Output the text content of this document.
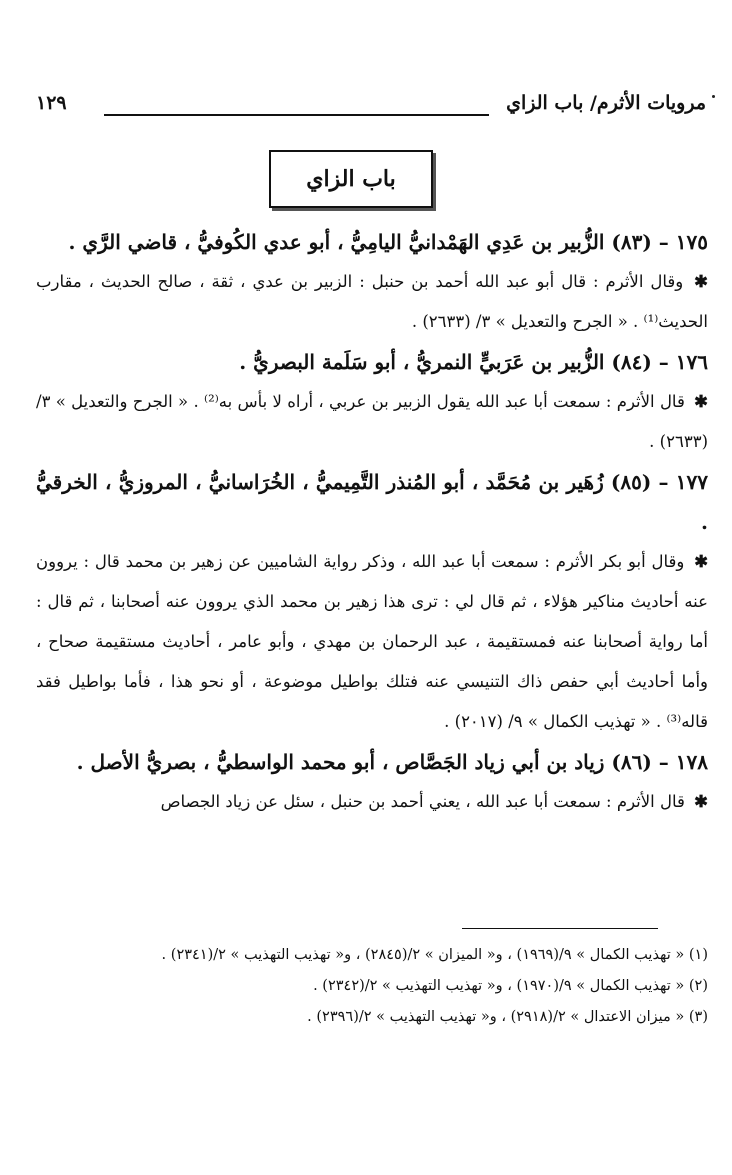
مرويات الأثرم/ باب الزاي
١٢٩
باب الزاي

١٧٥ – (٨٣) الزُّبير بن عَدِي الهَمْدانيُّ اليامِيُّ ، أبو عدي الكُوفيُّ ، قاضي الرَّي .

✱ وقال الأثرم : قال أبو عبد الله أحمد بن حنبل : الزبير بن عدي ، ثقة ، صالح الحديث ، مقارب الحديث⁽¹⁾ . « الجرح والتعديل » ٣/ (٢٦٣٣) .

١٧٦ – (٨٤) الزُّبير بن عَرَبيٍّ النمريُّ ، أبو سَلَمة البصريُّ .

✱ قال الأثرم : سمعت أبا عبد الله يقول الزبير بن عربي ، أراه لا بأس به⁽²⁾ . « الجرح والتعديل » ٣/ (٢٦٣٣) .

١٧٧ – (٨٥) زُهَير بن مُحَمَّد ، أبو المُنذر التَّمِيميُّ ، الخُرَاسانيُّ ، المروزيُّ ، الخرقيُّ .

✱ وقال أبو بكر الأثرم : سمعت أبا عبد الله ، وذكر رواية الشاميين عن زهير بن محمد قال : يروون عنه أحاديث مناكير هؤلاء ، ثم قال لي : ترى هذا زهير بن محمد الذي يروون عنه أصحابنا ، ثم قال : أما رواية أصحابنا عنه فمستقيمة ، عبد الرحمان بن مهدي ، وأبو عامر ، أحاديث مستقيمة صحاح ، وأما أحاديث أبي حفص ذاك التنيسي عنه فتلك بواطيل موضوعة ، أو نحو هذا ، فأما بواطيل فقد قاله⁽³⁾ . « تهذيب الكمال » ٩/ (٢٠١٧) .

١٧٨ – (٨٦) زياد بن أبي زياد الجَصَّاص ، أبو محمد الواسطيُّ ، بصريُّ الأصل .

✱ قال الأثرم : سمعت أبا عبد الله ، يعني أحمد بن حنبل ، سئل عن زياد الجصاص

(١) « تهذيب الكمال » ٩/(١٩٦٩) ، و« الميزان » ٢/(٢٨٤٥) ، و« تهذيب التهذيب » ٢/(٢٣٤١) .

(٢) « تهذيب الكمال » ٩/(١٩٧٠) ، و« تهذيب التهذيب » ٢/(٢٣٤٢) .

(٣) « ميزان الاعتدال » ٢/(٢٩١٨) ، و« تهذيب التهذيب » ٢/(٢٣٩٦) .
